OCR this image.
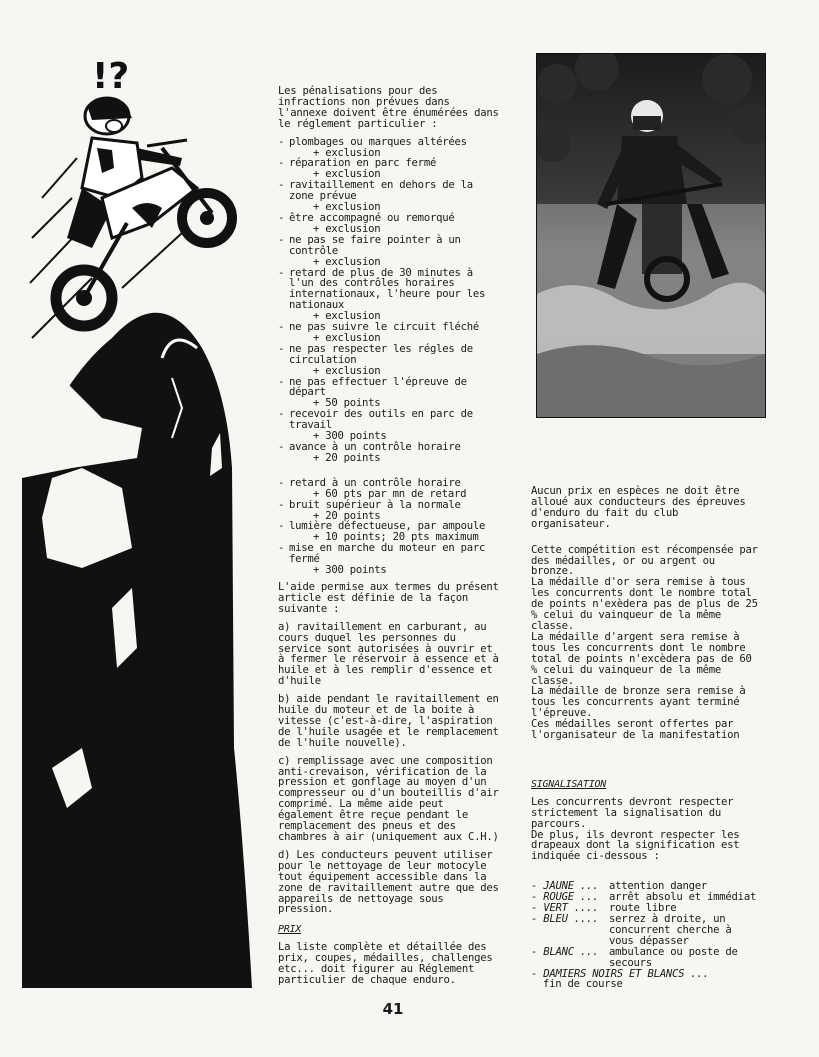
!?	Les pénalisations pour des infractions non prévues dans l'annexe doivent être énumérées dans le réglement particulier :

- plombages ou marques altérées
+ exclusion
- réparation en parc fermé
+ exclusion
- ravitaillement en dehors de la zone prévue
+ exclusion
- être accompagné ou remorqué
+ exclusion
- ne pas se faire pointer à un contrôle
+ exclusion
- retard de plus de 30 minutes à l'un des contrôles horaires internationaux, l'heure pour les nationaux
+ exclusion
- ne pas suivre le circuit fléché
+ exclusion
- ne pas respecter les régles de circulation
+ exclusion
- ne pas effectuer l'épreuve de départ
+ 50 points
- recevoir des outils en parc de travail
+ 300 points
- avance à un contrôle horaire
+ 20 points
- retard à un contrôle horaire
+ 60 pts par mn de retard
- bruit supérieur à la normale
+ 20 points
- lumière défectueuse, par ampoule
+ 10 points; 20 pts maximum
- mise en marche du moteur en parc fermé
+ 300 points

L'aide permise aux termes du présent article est définie de la façon suivante :

a) ravitaillement en carburant, au cours duquel les personnes du service sont autorisées à ouvrir et à fermer le réservoir à essence et à huile et à les remplir d'essence et d'huile

b) aide pendant le ravitaillement en huile du moteur et de la boite à vitesse (c'est-à-dire, l'aspiration de l'huile usagée et le remplacement de l'huile nouvelle).

c) remplissage avec une composition anti-crevaison, vérification de la pression et gonflage au moyen d'un compresseur ou d'un bouteillis d'air comprimé. La même aide peut également être reçue pendant le remplacement des pneus et des chambres à air (uniquement aux C.H.)

d) Les conducteurs peuvent utiliser pour le nettoyage de leur motocyle tout équipement accessible dans la zone de ravitaillement autre que des appareils de nettoyage sous pression.

PRIX

La liste complète et détaillée des prix, coupes, médailles, challenges etc... doit figurer au Réglement particulier de chaque enduro.

Aucun prix en espèces ne doit être alloué aux conducteurs des épreuves d'enduro du fait du club organisateur.

Cette compétition est récompensée par des médailles, or ou argent ou bronze.

La médaille d'or sera remise à tous les concurrents dont le nombre total de points n'exèdera pas de plus de 25 % celui du vainqueur de la même classe.

La médaille d'argent sera remise à tous les concurrents dont le nombre total de points n'excèdera pas de 60 % celui du vainqueur de la même classe.

La médaille de bronze sera remise à tous les concurrents ayant terminé l'épreuve.

Ces médailles seront offertes par l'organisateur de la manifestation

SIGNALISATION

Les concurrents devront respecter strictement la signalisation du parcours.

De plus, ils devront respecter les drapeaux dont la signification est indiquée ci-dessous :

- JAUNE ... attention danger
- ROUGE ... arrêt absolu et immédiat
- VERT .... route libre
- BLEU .... serrez à droite, un concurrent cherche à vous dépasser
- BLANC ... ambulance ou poste de secours
- DAMIERS NOIRS ET BLANCS ...
fin de course
41
